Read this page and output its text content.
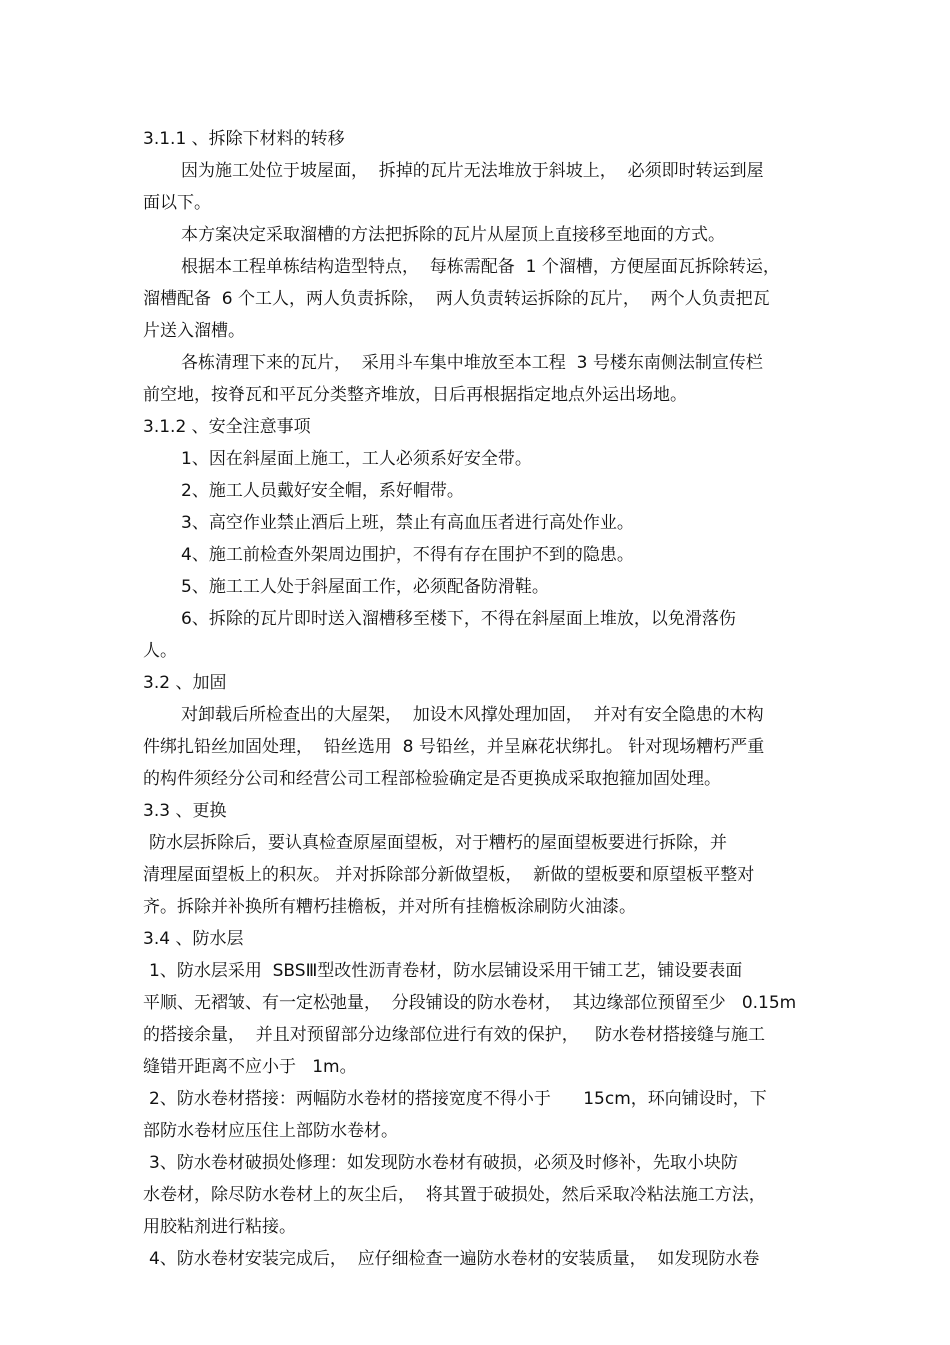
3.1.1 、拆除下材料的转移
因为施工处位于坡屋面，  拆掉的瓦片无法堆放于斜坡上，  必须即时转运到屋
面以下。
本方案决定采取溜槽的方法把拆除的瓦片从屋顶上直接移至地面的方式。
根据本工程单栋结构造型特点，  每栋需配备  1 个溜槽，方便屋面瓦拆除转运，
溜槽配备  6 个工人，两人负责拆除，  两人负责转运拆除的瓦片，  两个人负责把瓦
片送入溜槽。
各栋清理下来的瓦片，  采用斗车集中堆放至本工程  3 号楼东南侧法制宣传栏
前空地，按脊瓦和平瓦分类整齐堆放，日后再根据指定地点外运出场地。
3.1.2 、安全注意事项
1、因在斜屋面上施工，工人必须系好安全带。
2、施工人员戴好安全帽，系好帽带。
3、高空作业禁止酒后上班，禁止有高血压者进行高处作业。
4、施工前检查外架周边围护，不得有存在围护不到的隐患。
5、施工工人处于斜屋面工作，必须配备防滑鞋。
6、拆除的瓦片即时送入溜槽移至楼下，不得在斜屋面上堆放，以免滑落伤
人。
3.2 、加固
对卸载后所检查出的大屋架，  加设木风撑处理加固，  并对有安全隐患的木构
件绑扎铅丝加固处理，  铅丝选用  8 号铅丝，并呈麻花状绑扎。 针对现场糟朽严重
的构件须经分公司和经营公司工程部检验确定是否更换成采取抱箍加固处理。
3.3 、更换
防水层拆除后，要认真检查原屋面望板，对于糟朽的屋面望板要进行拆除，并
清理屋面望板上的积灰。 并对拆除部分新做望板，  新做的望板要和原望板平整对
齐。拆除并补换所有糟朽挂檐板，并对所有挂檐板涂刷防火油漆。
3.4 、防水层
1、防水层采用  SBSⅢ型改性沥青卷材，防水层铺设采用干铺工艺，铺设要表面
平顺、无褶皱、有一定松弛量，  分段铺设的防水卷材，  其边缘部位预留至少   0.15m
的搭接余量，  并且对预留部分边缘部位进行有效的保护，   防水卷材搭接缝与施工
缝错开距离不应小于   1m。
2、防水卷材搭接：两幅防水卷材的搭接宽度不得小于      15cm，环向铺设时，下
部防水卷材应压住上部防水卷材。
3、防水卷材破损处修理：如发现防水卷材有破损，必须及时修补，先取小块防
水卷材，除尽防水卷材上的灰尘后，  将其置于破损处，然后采取冷粘法施工方法，
用胶粘剂进行粘接。
4、防水卷材安装完成后，  应仔细检查一遍防水卷材的安装质量，  如发现防水卷
